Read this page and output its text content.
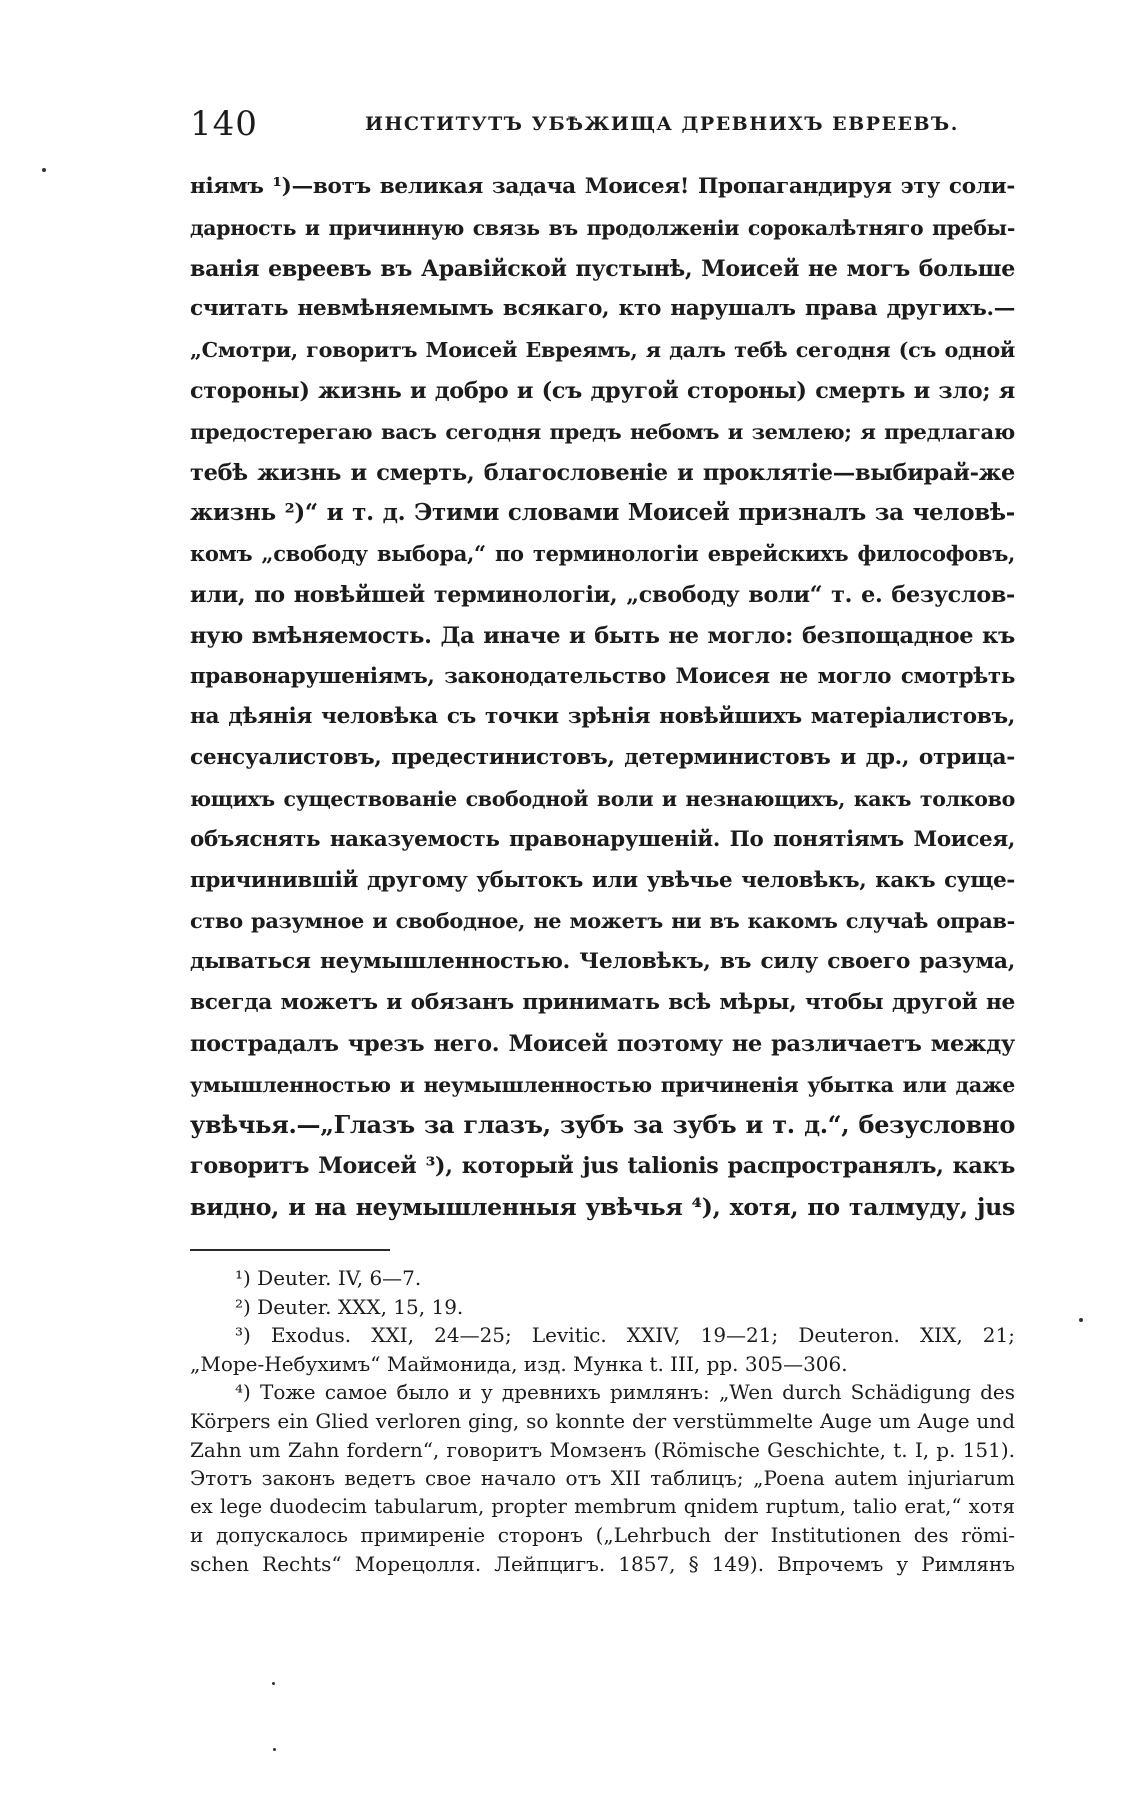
140	ИНСТИТУТЪ УБѢЖИЩА ДРЕВНИХЪ ЕВРЕЕВЪ.
ніямъ ¹)—вотъ великая задача Моисея! Пропагандируя эту соли-
дарность и причинную связь въ продолженіи сорокалѣтняго пребы-
ванія евреевъ въ Аравійской пустынѣ, Моисей не могъ больше
считать невмѣняемымъ всякаго, кто нарушалъ права другихъ.—
„Смотри, говоритъ Моисей Евреямъ, я далъ тебѣ сегодня (съ одной
стороны) жизнь и добро и (съ другой стороны) смерть и зло; я
предостерегаю васъ сегодня предъ небомъ и землею; я предлагаю
тебѣ жизнь и смерть, благословеніе и проклятіе—выбирай-же
жизнь ²)“ и т. д. Этими словами Моисей призналъ за человѣ-
комъ „свободу выбора,“ по терминологіи еврейскихъ философовъ,
или, по новѣйшей терминологіи, „свободу воли“ т. е. безуслов-
ную вмѣняемость. Да иначе и быть не могло: безпощадное къ
правонарушеніямъ, законодательство Моисея не могло смотрѣть
на дѣянія человѣка съ точки зрѣнія новѣйшихъ матеріалистовъ,
сенсуалистовъ, предестинистовъ, детерминистовъ и др., отрица-
ющихъ существованіе свободной воли и незнающихъ, какъ толково
объяснять наказуемость правонарушеній. По понятіямъ Моисея,
причинившій другому убытокъ или увѣчье человѣкъ, какъ суще-
ство разумное и свободное, не можетъ ни въ какомъ случаѣ оправ-
дываться неумышленностью. Человѣкъ, въ силу своего разума,
всегда можетъ и обязанъ принимать всѣ мѣры, чтобы другой не
пострадалъ чрезъ него. Моисей поэтому не различаетъ между
умышленностью и неумышленностью причиненія убытка или даже
увѣчья.—„Глазъ за глазъ, зубъ за зубъ и т. д.“, безусловно
говоритъ Моисей ³), который jus talionis распространялъ, какъ
видно, и на неумышленныя увѣчья ⁴), хотя, по талмуду, jus
¹) Deuter. IV, 6—7.
²) Deuter. XXX, 15, 19.
³) Exodus. XXI, 24—25; Levitic. XXIV, 19—21; Deuteron. XIX, 21;
„Море-Небухимъ“ Маймонида, изд. Мунка t. III, pp. 305—306.
⁴) Тоже самое было и у древнихъ римлянъ: „Wen durch Schädigung des
Körpers ein Glied verloren ging, so konnte der verstümmelte Auge um Auge und
Zahn um Zahn fordern“, говоритъ Момзенъ (Römische Geschichte, t. I, p. 151).
Этотъ законъ ведетъ свое начало отъ XII таблицъ; „Poena autem injuriarum
ex lege duodecim tabularum, propter membrum qnidem ruptum, talio erat,“ хотя
и допускалось примиреніе сторонъ („Lehrbuch der Institutionen des römi-
schen Rechts“ Морецолля. Лейпцигъ. 1857, § 149). Впрочемъ у Римлянъ
